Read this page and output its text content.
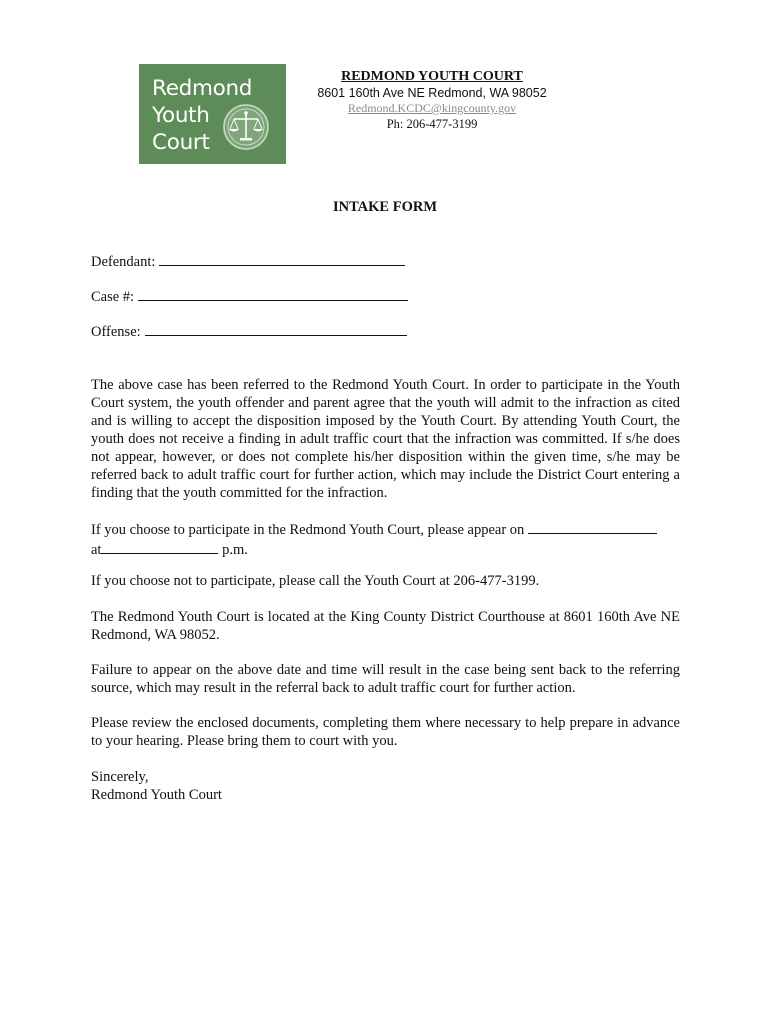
Redmond
Youth
Court
REDMOND YOUTH COURT
8601 160th Ave NE Redmond, WA 98052
Redmond.KCDC@kingcounty.gov
Ph: 206-477-3199
INTAKE FORM
Defendant:
Case #:
Offense:
The above case has been referred to the Redmond Youth Court. In order to participate in the Youth Court system, the youth offender and parent agree that the youth will admit to the infraction as cited and is willing to accept the disposition imposed by the Youth Court. By attending Youth Court, the youth does not receive a finding in adult traffic court that the infraction was committed. If s/he does not appear, however, or does not complete his/her disposition within the given time, s/he may be referred back to adult traffic court for further action, which may include the District Court entering a finding that the youth committed for the infraction.
If you choose to participate in the Redmond Youth Court, please appear on
at	p.m.
If you choose not to participate, please call the Youth Court at 206-477-3199.
The Redmond Youth Court is located at the King County District Courthouse at 8601 160th Ave NE Redmond, WA 98052.
Failure to appear on the above date and time will result in the case being sent back to the referring source, which may result in the referral back to adult traffic court for further action.
Please review the enclosed documents, completing them where necessary to help prepare in advance to your hearing. Please bring them to court with you.
Sincerely,
Redmond Youth Court
